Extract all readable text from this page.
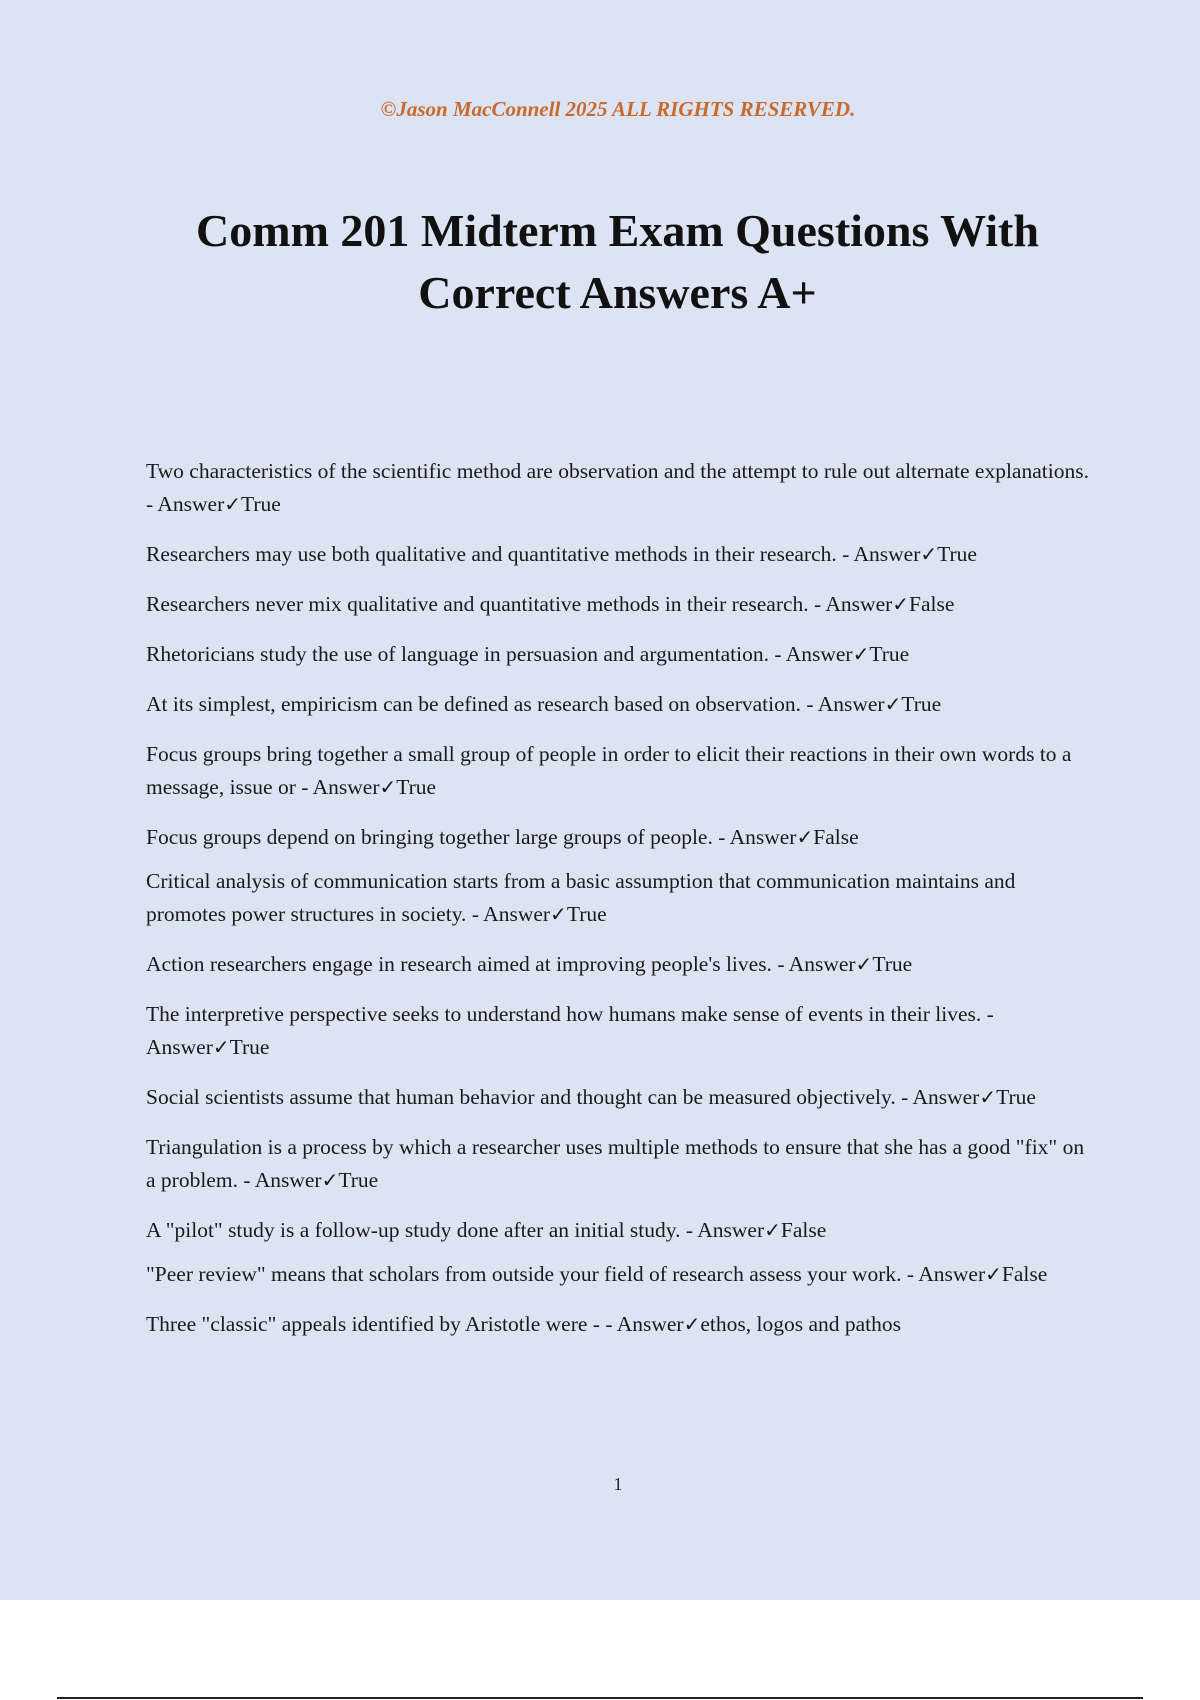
©Jason MacConnell 2025 ALL RIGHTS RESERVED.
Comm 201 Midterm Exam Questions With Correct Answers A+
Two characteristics of the scientific method are observation and the attempt to rule out alternate explanations. - Answer✓True
Researchers may use both qualitative and quantitative methods in their research. - Answer✓True
Researchers never mix qualitative and quantitative methods in their research. - Answer✓False
Rhetoricians study the use of language in persuasion and argumentation. - Answer✓True
At its simplest, empiricism can be defined as research based on observation. - Answer✓True
Focus groups bring together a small group of people in order to elicit their reactions in their own words to a message, issue or - Answer✓True
Focus groups depend on bringing together large groups of people. - Answer✓False
Critical analysis of communication starts from a basic assumption that communication maintains and promotes power structures in society. - Answer✓True
Action researchers engage in research aimed at improving people's lives. - Answer✓True
The interpretive perspective seeks to understand how humans make sense of events in their lives. - Answer✓True
Social scientists assume that human behavior and thought can be measured objectively. - Answer✓True
Triangulation is a process by which a researcher uses multiple methods to ensure that she has a good "fix" on a problem. - Answer✓True
A "pilot" study is a follow-up study done after an initial study. - Answer✓False
"Peer review" means that scholars from outside your field of research assess your work. - Answer✓False
Three "classic" appeals identified by Aristotle were - - Answer✓ethos, logos and pathos
1
